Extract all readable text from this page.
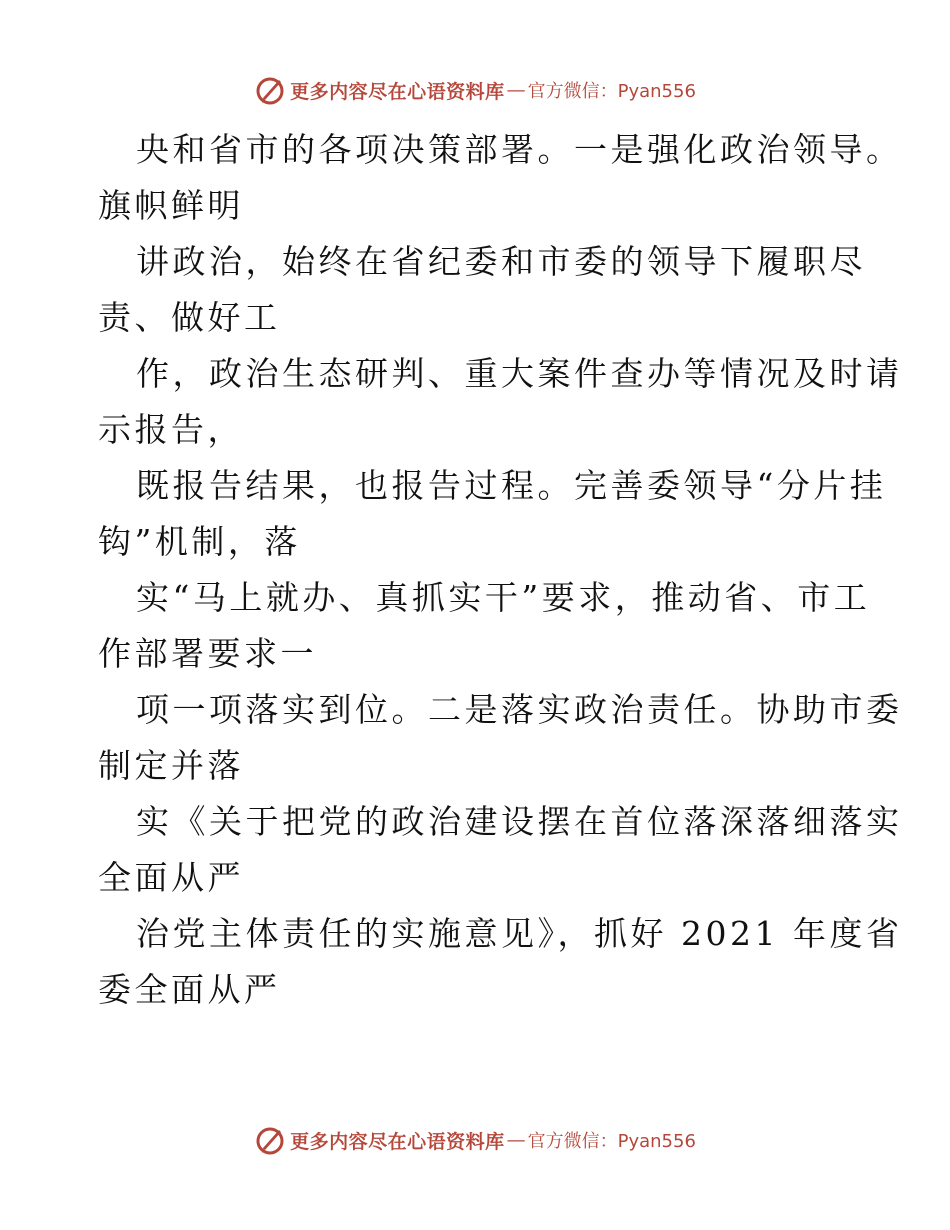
更多内容尽在心语资料库 — 官方微信：Pyan556
央和省市的各项决策部署。一是强化政治领导。
旗帜鲜明
讲政治，始终在省纪委和市委的领导下履职尽
责、做好工
作，政治生态研判、重大案件查办等情况及时请
示报告，
既报告结果，也报告过程。完善委领导“分片挂
钩”机制，落
实“马上就办、真抓实干”要求，推动省、市工
作部署要求一
项一项落实到位。二是落实政治责任。协助市委
制定并落
实《关于把党的政治建设摆在首位落深落细落实
全面从严
治党主体责任的实施意见》，抓好 2021 年度省
委全面从严
更多内容尽在心语资料库 — 官方微信：Pyan556
